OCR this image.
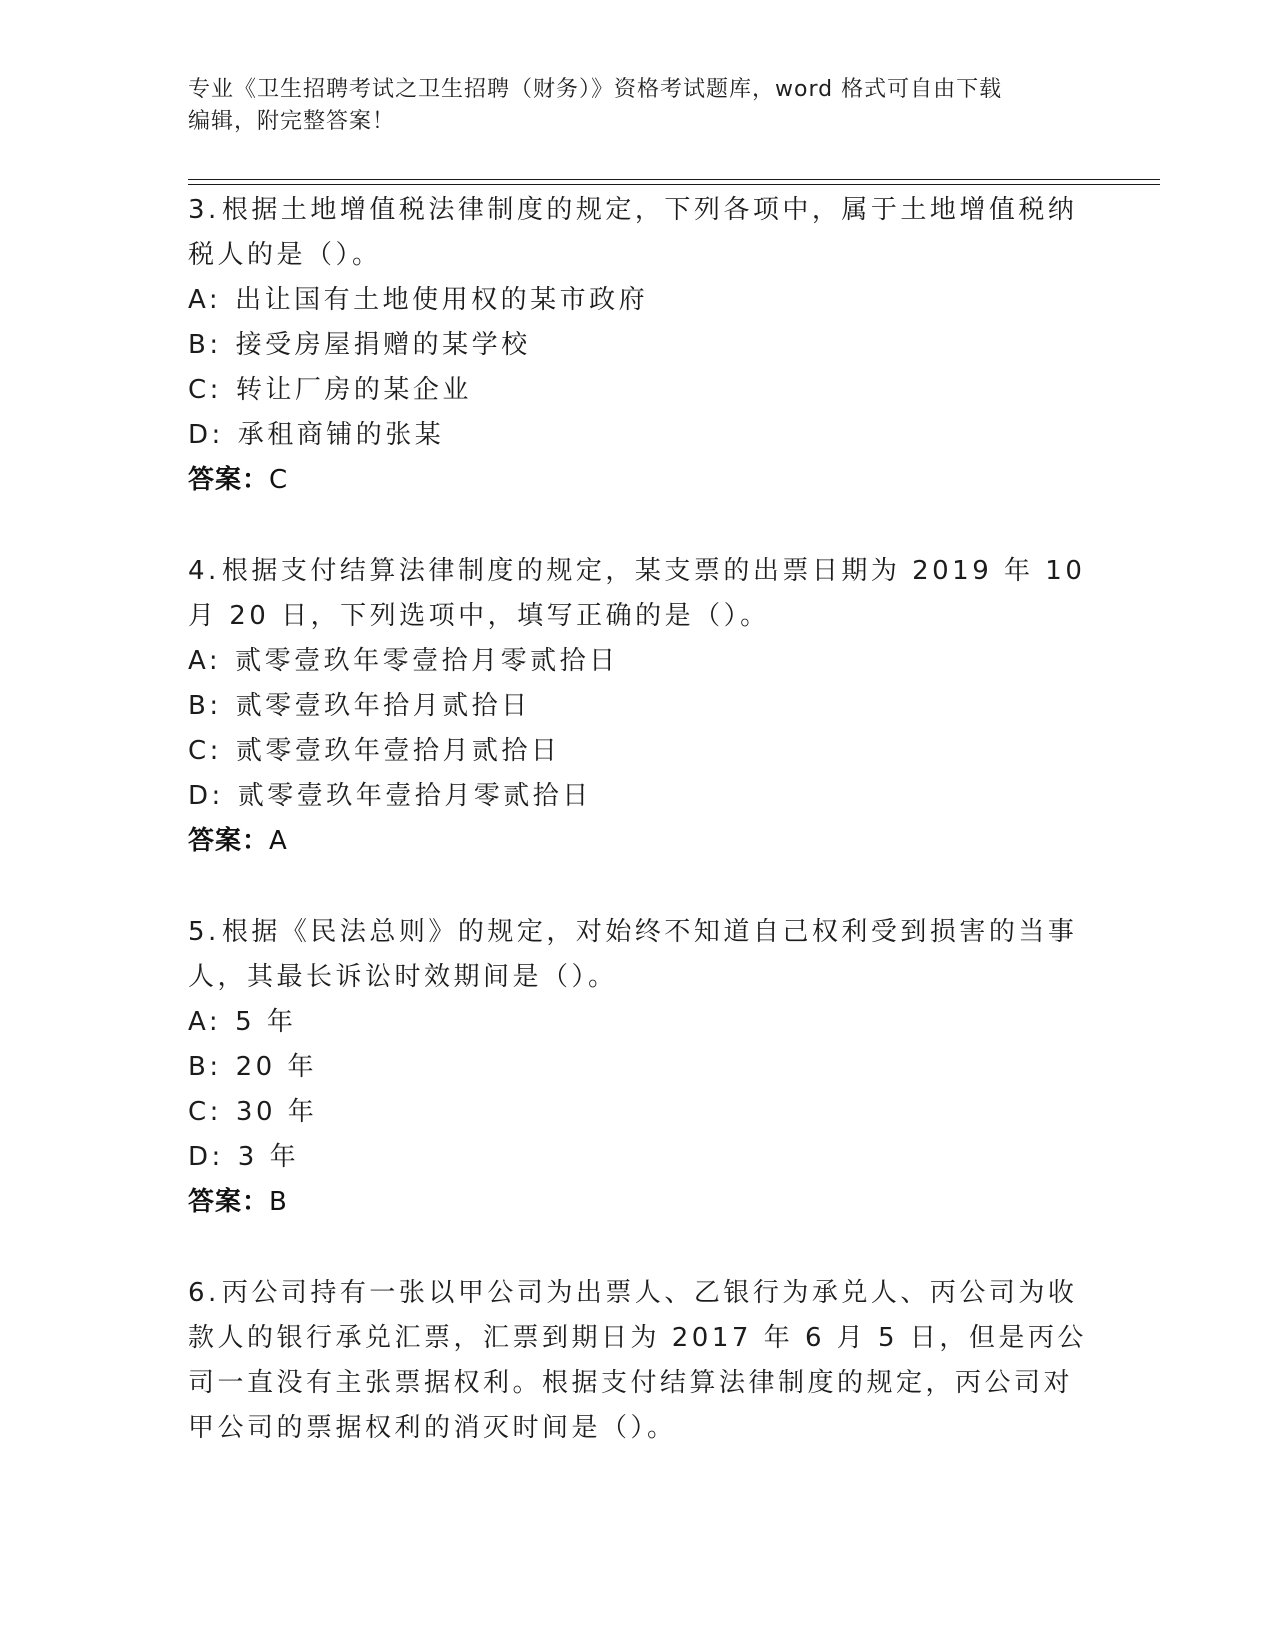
专业《卫生招聘考试之卫生招聘（财务）》资格考试题库，word 格式可自由下载
编辑，附完整答案！
3.根据土地增值税法律制度的规定，下列各项中，属于土地增值税纳税人的是（）。
A: 出让国有土地使用权的某市政府
B: 接受房屋捐赠的某学校
C: 转让厂房的某企业
D: 承租商铺的张某
答案：C
4.根据支付结算法律制度的规定，某支票的出票日期为 2019 年 10 月 20 日，下列选项中，填写正确的是（）。
A: 贰零壹玖年零壹拾月零贰拾日
B: 贰零壹玖年拾月贰拾日
C: 贰零壹玖年壹拾月贰拾日
D: 贰零壹玖年壹拾月零贰拾日
答案：A
5.根据《民法总则》的规定，对始终不知道自己权利受到损害的当事人，其最长诉讼时效期间是（）。
A: 5 年
B: 20 年
C: 30 年
D: 3 年
答案：B
6.丙公司持有一张以甲公司为出票人、乙银行为承兑人、丙公司为收款人的银行承兑汇票，汇票到期日为 2017 年 6 月 5 日，但是丙公司一直没有主张票据权利。根据支付结算法律制度的规定，丙公司对甲公司的票据权利的消灭时间是（）。
